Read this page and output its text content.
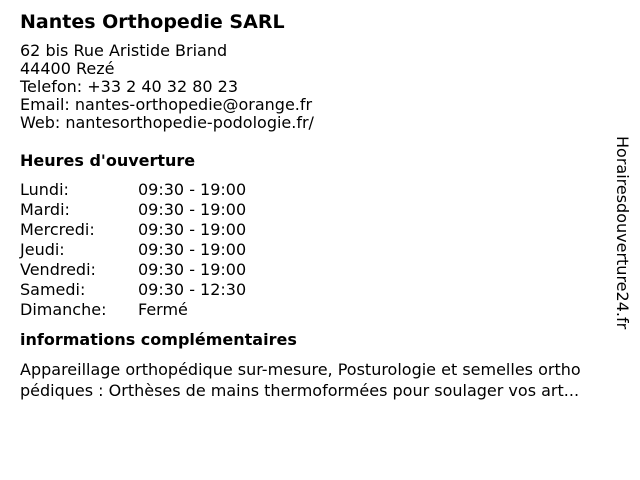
Nantes Orthopedie SARL
62 bis Rue Aristide Briand
44400 Rezé
Telefon: +33 2 40 32 80 23
Email: nantes-orthopedie@orange.fr
Web: nantesorthopedie-podologie.fr/
Heures d'ouverture
Lundi:	09:30 - 19:00
Mardi:	09:30 - 19:00
Mercredi:	09:30 - 19:00
Jeudi:	09:30 - 19:00
Vendredi:	09:30 - 19:00
Samedi:	09:30 - 12:30
Dimanche:	Fermé
informations complémentaires
Appareillage orthopédique sur-mesure, Posturologie et semelles ortho
pédiques : Orthèses de mains thermoformées pour soulager vos art...
Horairesdouverture24.fr
